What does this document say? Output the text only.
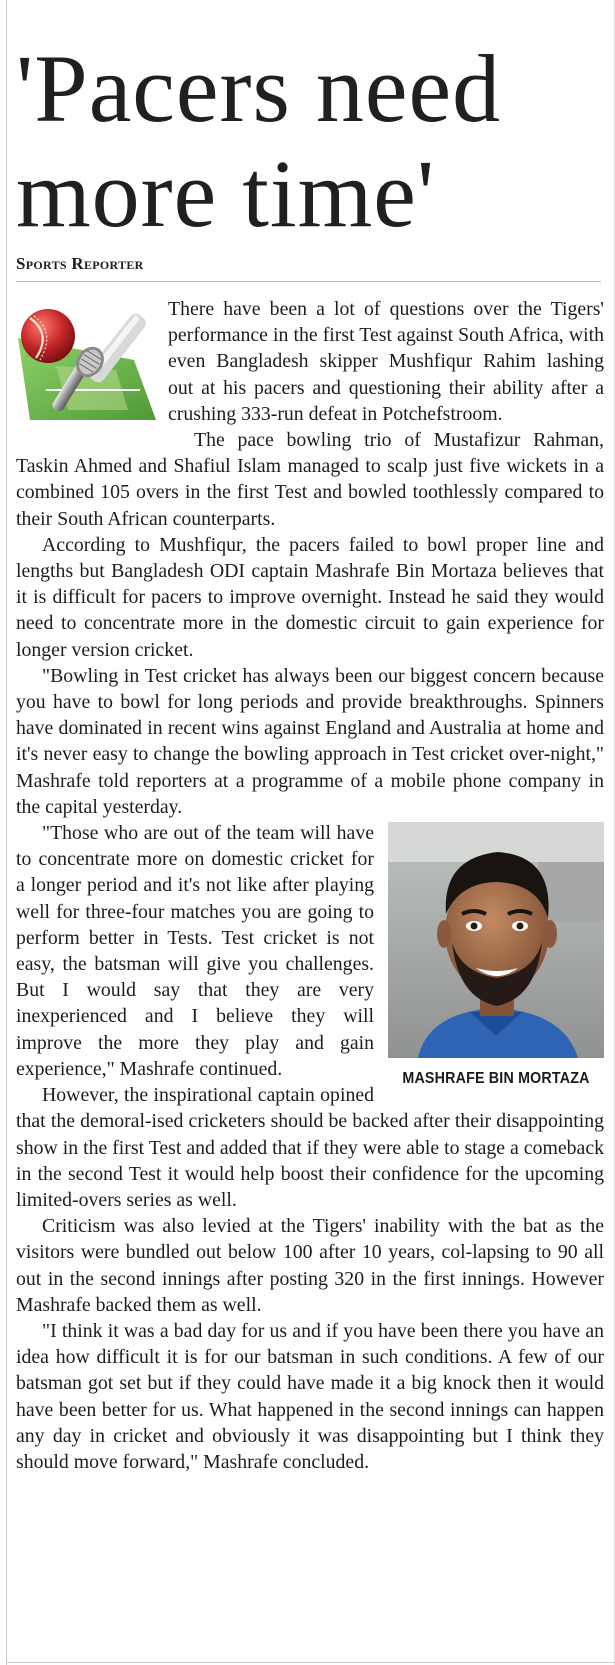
'Pacers need more time'
Sports Reporter

There have been a lot of questions over the Tigers' performance in the first Test against South Africa, with even Bangladesh skipper Mushfiqur Rahim lashing out at his pacers and questioning their ability after a crushing 333-run defeat in Potchefstroom.

The pace bowling trio of Mustafizur Rahman, Taskin Ahmed and Shafiul Islam managed to scalp just five wickets in a combined 105 overs in the first Test and bowled toothlessly compared to their South African counterparts.

According to Mushfiqur, the pacers failed to bowl proper line and lengths but Bangladesh ODI captain Mashrafe Bin Mortaza believes that it is difficult for pacers to improve overnight. Instead he said they would need to concentrate more in the domestic circuit to gain experience for longer version cricket.

"Bowling in Test cricket has always been our biggest concern because you have to bowl for long periods and provide breakthroughs. Spinners have dominated in recent wins against England and Australia at home and it's never easy to change the bowling approach in Test cricket over-night," Mashrafe told reporters at a programme of a mobile phone company in the capital yesterday.

MASHRAFE BIN MORTAZA

"Those who are out of the team will have to concentrate more on domestic cricket for a longer period and it's not like after playing well for three-four matches you are going to perform better in Tests. Test cricket is not easy, the batsman will give you challenges. But I would say that they are very inexperienced and I believe they will improve the more they play and gain experience," Mashrafe continued.

However, the inspirational captain opined that the demoral-ised cricketers should be backed after their disappointing show in the first Test and added that if they were able to stage a comeback in the second Test it would help boost their confidence for the upcoming limited-overs series as well.

Criticism was also levied at the Tigers' inability with the bat as the visitors were bundled out below 100 after 10 years, col-lapsing to 90 all out in the second innings after posting 320 in the first innings. However Mashrafe backed them as well.

"I think it was a bad day for us and if you have been there you have an idea how difficult it is for our batsman in such conditions. A few of our batsman got set but if they could have made it a big knock then it would have been better for us. What happened in the second innings can happen any day in cricket and obviously it was disappointing but I think they should move forward," Mashrafe concluded.
